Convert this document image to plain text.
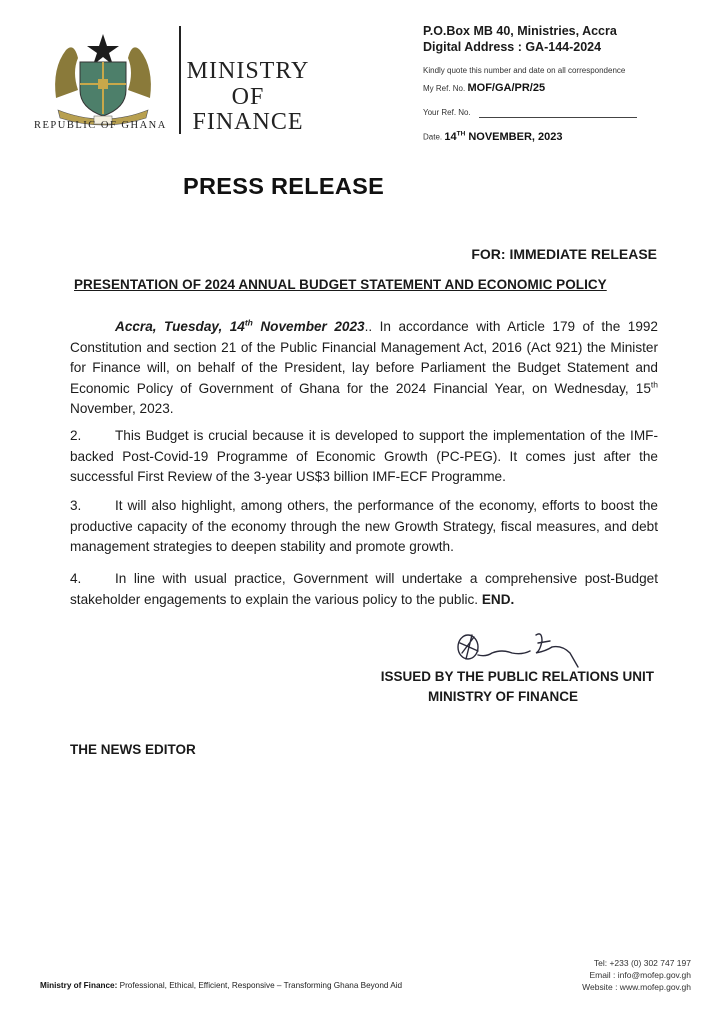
REPUBLIC OF GHANA
MINISTRY
OF
FINANCE
P.O.Box MB 40, Ministries, Accra
Digital Address : GA-144-2024
Kindly quote this number and date on all correspondence
My Ref. No. MOF/GA/PR/25
Your Ref. No.
Date. 14TH NOVEMBER, 2023
PRESS RELEASE
FOR: IMMEDIATE RELEASE
PRESENTATION OF 2024 ANNUAL BUDGET STATEMENT AND ECONOMIC POLICY
Accra, Tuesday, 14th November 2023.. In accordance with Article 179 of the 1992 Constitution and section 21 of the Public Financial Management Act, 2016 (Act 921) the Minister for Finance will, on behalf of the President, lay before Parliament the Budget Statement and Economic Policy of Government of Ghana for the 2024 Financial Year, on Wednesday, 15th November, 2023.
2. This Budget is crucial because it is developed to support the implementation of the IMF-backed Post-Covid-19 Programme of Economic Growth (PC-PEG). It comes just after the successful First Review of the 3-year US$3 billion IMF-ECF Programme.
3. It will also highlight, among others, the performance of the economy, efforts to boost the productive capacity of the economy through the new Growth Strategy, fiscal measures, and debt management strategies to deepen stability and promote growth.
4. In line with usual practice, Government will undertake a comprehensive post-Budget stakeholder engagements to explain the various policy to the public. END.
ISSUED BY THE PUBLIC RELATIONS UNIT
MINISTRY OF FINANCE
THE NEWS EDITOR
Ministry of Finance: Professional, Ethical, Efficient, Responsive – Transforming Ghana Beyond Aid
Tel: +233 (0) 302 747 197
Email : info@mofep.gov.gh
Website : www.mofep.gov.gh
